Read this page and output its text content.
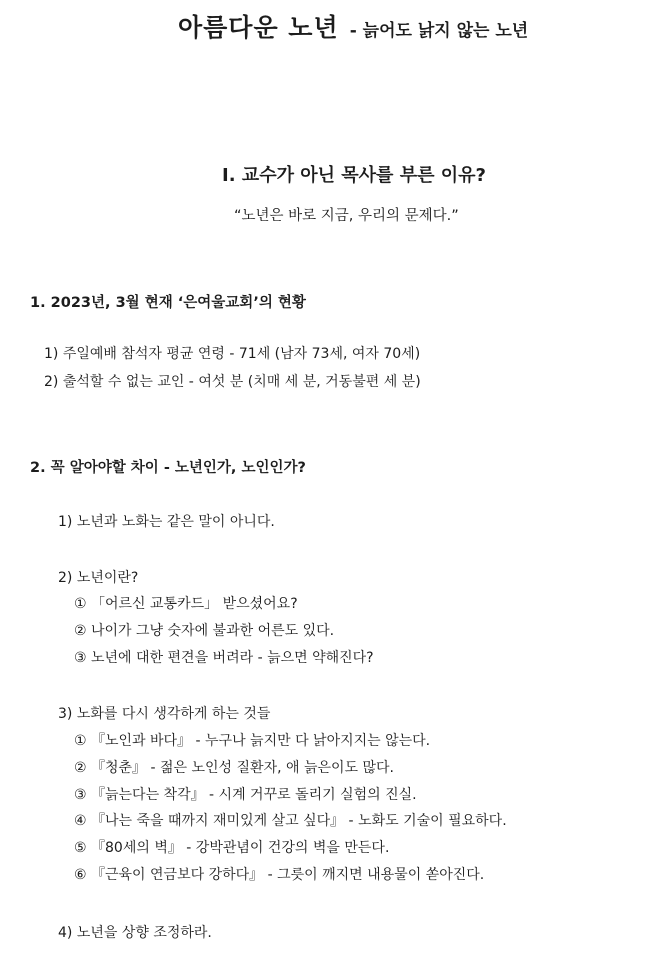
아름다운 노년 - 늙어도 낡지 않는 노년
I. 교수가 아닌 목사를 부른 이유?
“노년은 바로 지금, 우리의 문제다.”
1. 2023년, 3월 현재 ‘은여울교회’의 현황
1) 주일예배 참석자 평균 연령 - 71세 (남자 73세, 여자 70세)
2) 출석할 수 없는 교인 - 여섯 분 (치매 세 분, 거동불편 세 분)
2. 꼭 알아야할 차이 - 노년인가, 노인인가?
1) 노년과 노화는 같은 말이 아니다.
2) 노년이란?
① 「어르신 교통카드」 받으셨어요?
② 나이가 그냥 숫자에 불과한 어른도 있다.
③ 노년에 대한 편견을 버려라 - 늙으면 약해진다?
3) 노화를 다시 생각하게 하는 것들
① 『노인과 바다』 - 누구나 늙지만 다 낡아지지는 않는다.
② 『청춘』 - 젊은 노인성 질환자, 애 늙은이도 많다.
③ 『늙는다는 착각』 - 시계 거꾸로 돌리기 실험의 진실.
④ 『나는 죽을 때까지 재미있게 살고 싶다』 - 노화도 기술이 필요하다.
⑤ 『80세의 벽』 - 강박관념이 건강의 벽을 만든다.
⑥ 『근육이 연금보다 강하다』 - 그릇이 깨지면 내용물이 쏟아진다.
4) 노년을 상향 조정하라.
